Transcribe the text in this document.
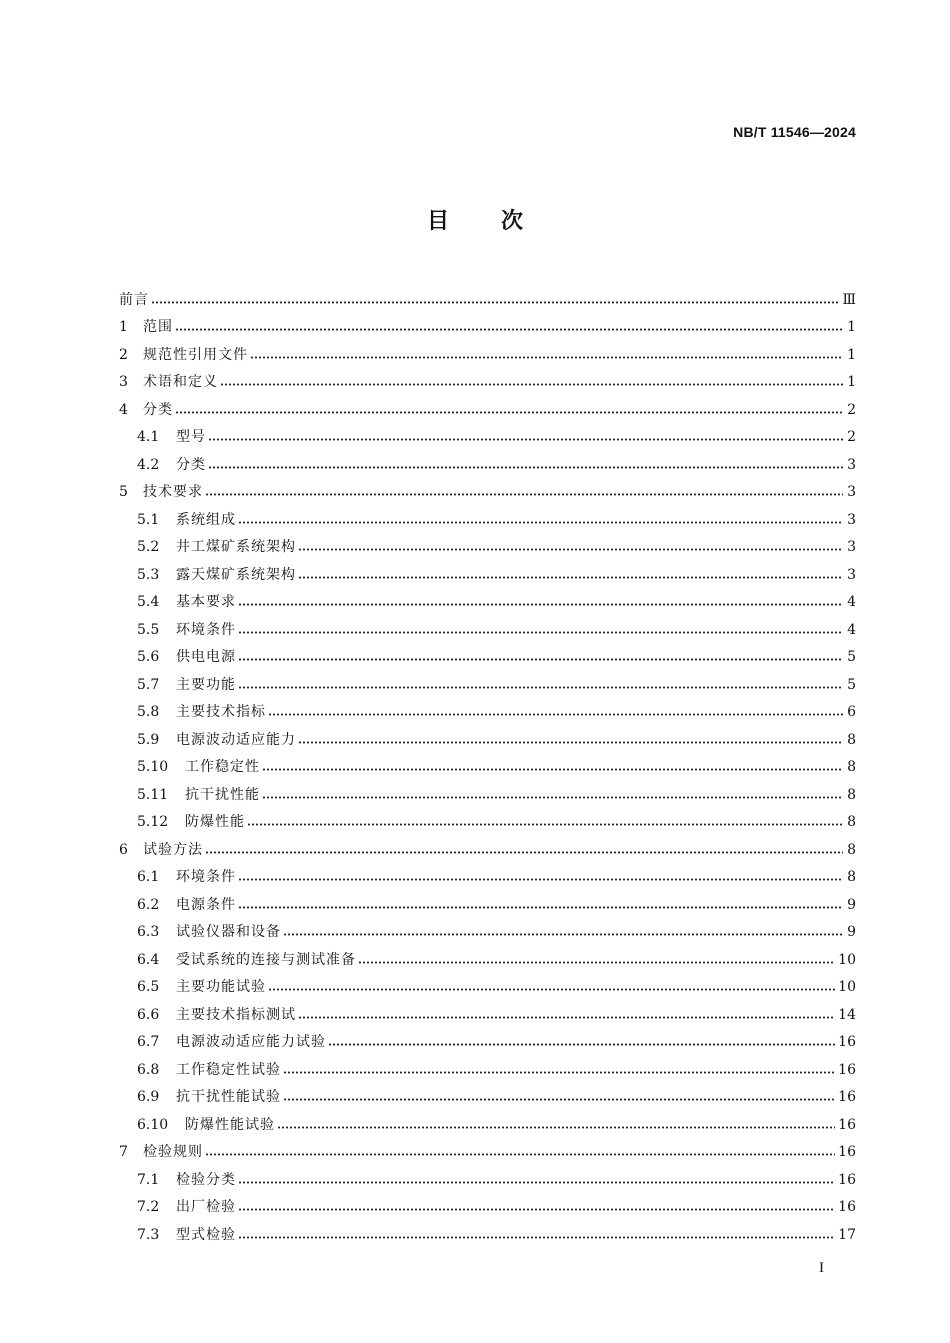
NB/T 11546—2024
目次
前言	Ⅲ
1	范围	1
2	规范性引用文件	1
3	术语和定义	1
4	分类	2
4.1	型号	2
4.2	分类	3
5	技术要求	3
5.1	系统组成	3
5.2	井工煤矿系统架构	3
5.3	露天煤矿系统架构	3
5.4	基本要求	4
5.5	环境条件	4
5.6	供电电源	5
5.7	主要功能	5
5.8	主要技术指标	6
5.9	电源波动适应能力	8
5.10	工作稳定性	8
5.11	抗干扰性能	8
5.12	防爆性能	8
6	试验方法	8
6.1	环境条件	8
6.2	电源条件	9
6.3	试验仪器和设备	9
6.4	受试系统的连接与测试准备	10
6.5	主要功能试验	10
6.6	主要技术指标测试	14
6.7	电源波动适应能力试验	16
6.8	工作稳定性试验	16
6.9	抗干扰性能试验	16
6.10	防爆性能试验	16
7	检验规则	16
7.1	检验分类	16
7.2	出厂检验	16
7.3	型式检验	17
I
